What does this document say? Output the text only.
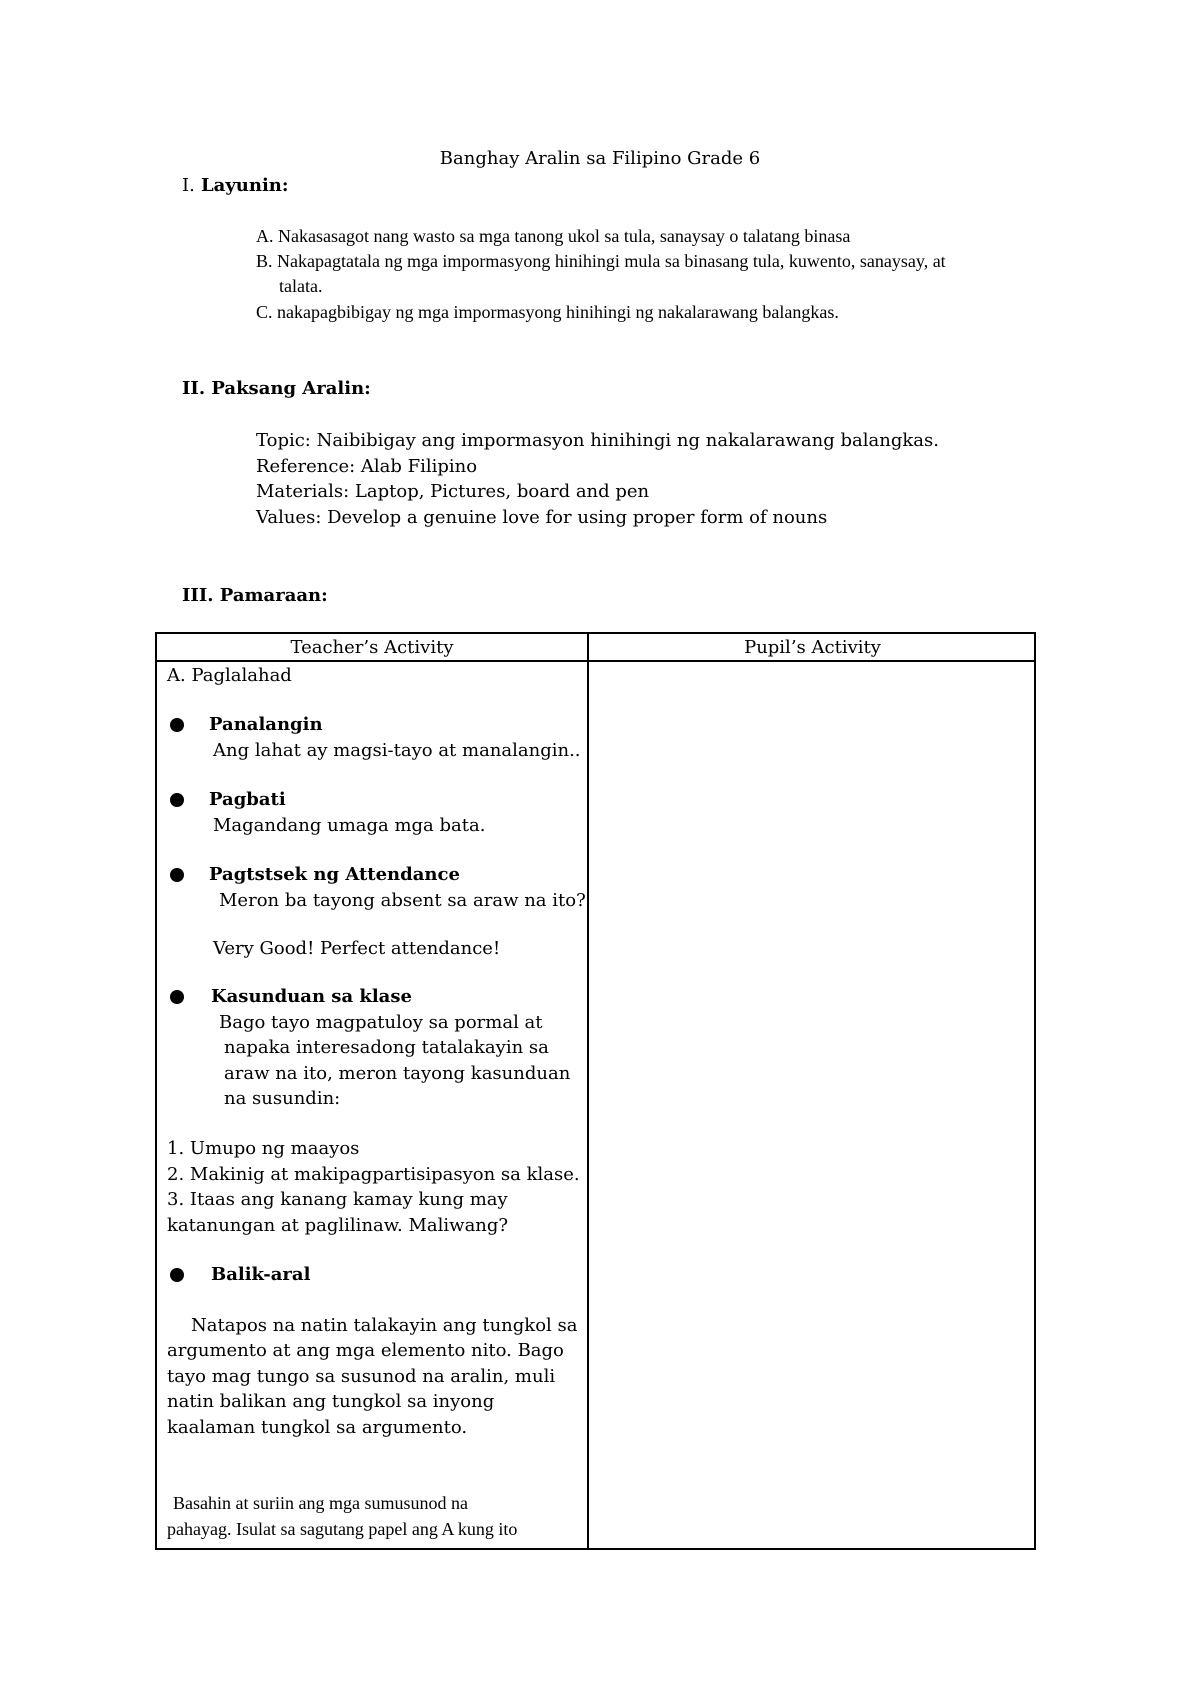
Banghay Aralin sa Filipino Grade 6
I. Layunin:
A. Nakasasagot nang wasto sa mga tanong ukol sa tula, sanaysay o talatang binasa
B. Nakapagtatala ng mga impormasyong hinihingi mula sa binasang tula, kuwento, sanaysay, at
talata.
C. nakapagbibigay ng mga impormasyong hinihingi ng nakalarawang balangkas.
II. Paksang Aralin:
Topic: Naibibigay ang impormasyon hinihingi ng nakalarawang balangkas.
Reference: Alab Filipino
Materials: Laptop, Pictures, board and pen
Values: Develop a genuine love for using proper form of nouns
III. Pamaraan:
Teacher’s Activity	Pupil’s Activity
A. Paglalahad
Panalangin
Ang lahat ay magsi-tayo at manalangin..
Pagbati
Magandang umaga mga bata.
Pagtstsek ng Attendance
Meron ba tayong absent sa araw na ito?
Very Good! Perfect attendance!
Kasunduan sa klase
Bago tayo magpatuloy sa pormal at
napaka interesadong tatalakayin sa
araw na ito, meron tayong kasunduan
na susundin:
1. Umupo ng maayos
2. Makinig at makipagpartisipasyon sa klase.
3. Itaas ang kanang kamay kung may
katanungan at paglilinaw. Maliwang?
Balik-aral
Natapos na natin talakayin ang tungkol sa
argumento at ang mga elemento nito. Bago
tayo mag tungo sa susunod na aralin, muli
natin balikan ang tungkol sa inyong
kaalaman tungkol sa argumento.
Basahin at suriin ang mga sumusunod na
pahayag. Isulat sa sagutang papel ang A kung ito
